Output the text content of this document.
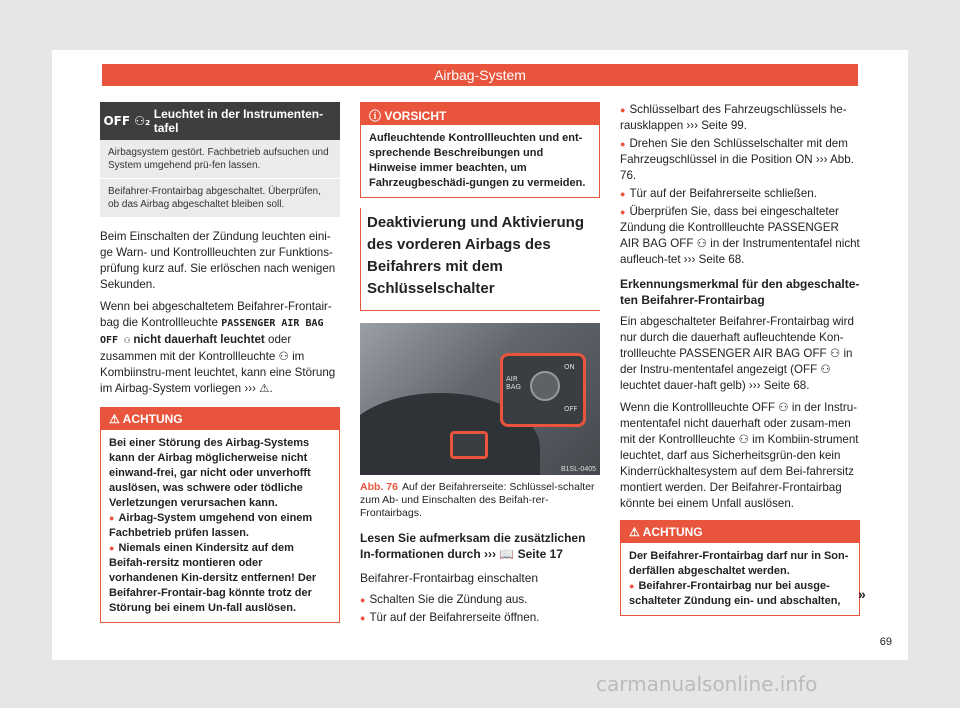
Airbag-System
OFF ⚇₂ Leuchtet in der Instrumenten-tafel
Airbagsystem gestört. Fachbetrieb aufsuchen und System umgehend prü-fen lassen.
Beifahrer-Frontairbag abgeschaltet. Überprüfen, ob das Airbag abgeschaltet bleiben soll.

Beim Einschalten der Zündung leuchten eini-ge Warn- und Kontrollleuchten zur Funktions-prüfung kurz auf. Sie erlöschen nach wenigen Sekunden.

Wenn bei abgeschaltetem Beifahrer-Frontair-bag die Kontrollleuchte PASSENGER AIR BAG OFF ⚇ nicht dauerhaft leuchtet oder zusammen mit der Kontrollleuchte ⚇ im Kombiinstru-ment leuchtet, kann eine Störung im Airbag-System vorliegen ››› ⚠.

⚠ ACHTUNG
Bei einer Störung des Airbag-Systems kann der Airbag möglicherweise nicht einwand-frei, gar nicht oder unverhofft auslösen, was schwere oder tödliche Verletzungen verursachen kann.
● Airbag-System umgehend von einem Fachbetrieb prüfen lassen.
● Niemals einen Kindersitz auf dem Beifah-rersitz montieren oder vorhandenen Kin-dersitz entfernen! Der Beifahrer-Frontair-bag könnte trotz der Störung bei einem Un-fall auslösen.
ⓘ VORSICHT
Aufleuchtende Kontrollleuchten und ent-sprechende Beschreibungen und Hinweise immer beachten, um Fahrzeugbeschädi-gungen zu vermeiden.
Deaktivierung und Aktivierung des vorderen Airbags des Beifahrers mit dem Schlüsselschalter
ON
OFF
AIR BAG
B1SL-0405
Abb. 76 Auf der Beifahrerseite: Schlüssel-schalter zum Ab- und Einschalten des Beifah-rer-Frontairbags.
Lesen Sie aufmerksam die zusätzlichen In-formationen durch ››› 📖 Seite 17
Beifahrer-Frontairbag einschalten
● Schalten Sie die Zündung aus.
● Tür auf der Beifahrerseite öffnen.
● Schlüsselbart des Fahrzeugschlüssels he-rausklappen ››› Seite 99.
● Drehen Sie den Schlüsselschalter mit dem Fahrzeugschlüssel in die Position ON ››› Abb. 76.
● Tür auf der Beifahrerseite schließen.
● Überprüfen Sie, dass bei eingeschalteter Zündung die Kontrollleuchte PASSENGER AIR BAG OFF ⚇ in der Instrumententafel nicht aufleuch-tet ››› Seite 68.
Erkennungsmerkmal für den abgeschalte-ten Beifahrer-Frontairbag

Ein abgeschalteter Beifahrer-Frontairbag wird nur durch die dauerhaft aufleuchtende Kon-trollleuchte PASSENGER AIR BAG OFF ⚇ in der Instru-mententafel angezeigt (OFF ⚇ leuchtet dauer-haft gelb) ››› Seite 68.

Wenn die Kontrollleuchte OFF ⚇ in der Instru-mententafel nicht dauerhaft oder zusam-men mit der Kontrollleuchte ⚇ im Kombiin-strument leuchtet, darf aus Sicherheitsgrün-den kein Kinderrückhaltesystem auf dem Bei-fahrersitz montiert werden. Der Beifahrer-Frontairbag könnte bei einem Unfall auslösen.

⚠ ACHTUNG
Der Beifahrer-Frontairbag darf nur in Son-derfällen abgeschaltet werden.
● Beifahrer-Frontairbag nur bei ausge-schalteter Zündung ein- und abschalten,	»
69
carmanualsonline.info
